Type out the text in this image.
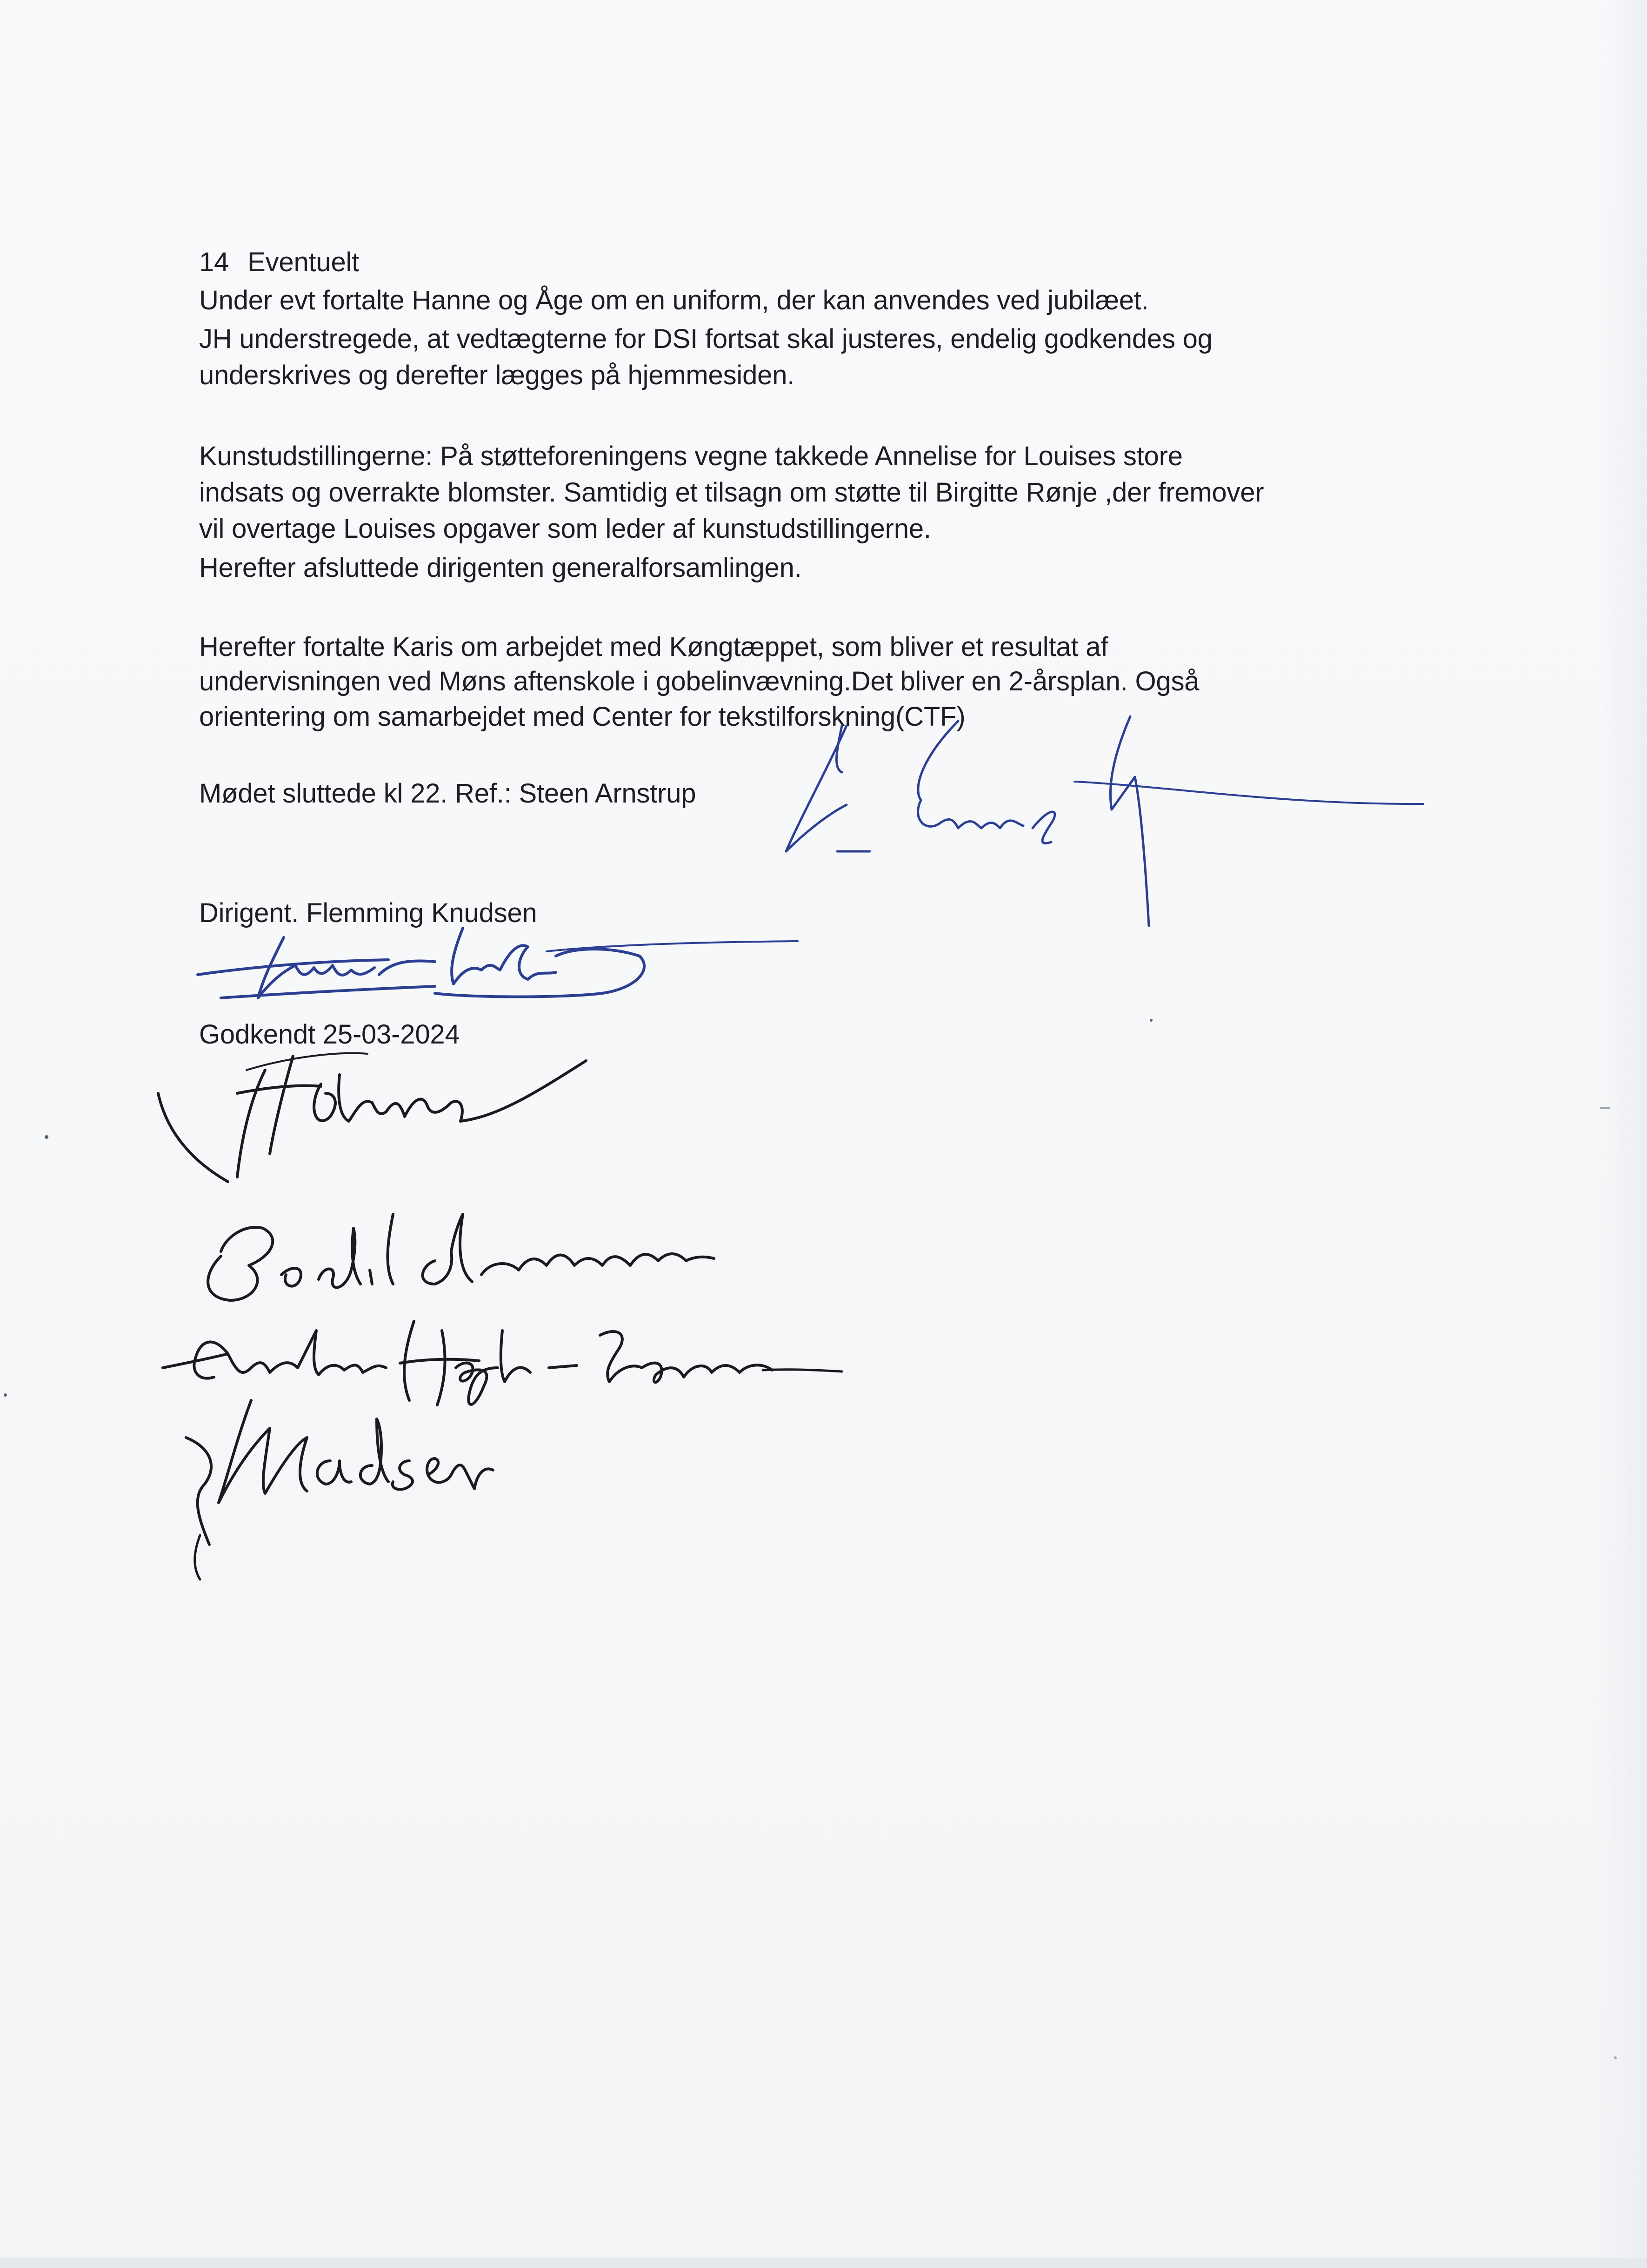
14 Eventuelt

Under evt fortalte Hanne og Åge om en uniform, der kan anvendes ved jubilæet.

JH understregede, at vedtægterne for DSI fortsat skal justeres, endelig godkendes og

underskrives og derefter lægges på hjemmesiden.

Kunstudstillingerne: På støtteforeningens vegne takkede Annelise for Louises store

indsats og overrakte blomster. Samtidig et tilsagn om støtte til Birgitte Rønje ,der fremover

vil overtage Louises opgaver som leder af kunstudstillingerne.

Herefter afsluttede dirigenten generalforsamlingen.

Herefter fortalte Karis om arbejdet med Køngtæppet, som bliver et resultat af

undervisningen ved Møns aftenskole i gobelinvævning.Det bliver en 2-årsplan. Også

orientering om samarbejdet med Center for tekstilforskning(CTF)

Mødet sluttede kl 22. Ref.: Steen Arnstrup

Dirigent. Flemming Knudsen

Godkendt 25-03-2024
